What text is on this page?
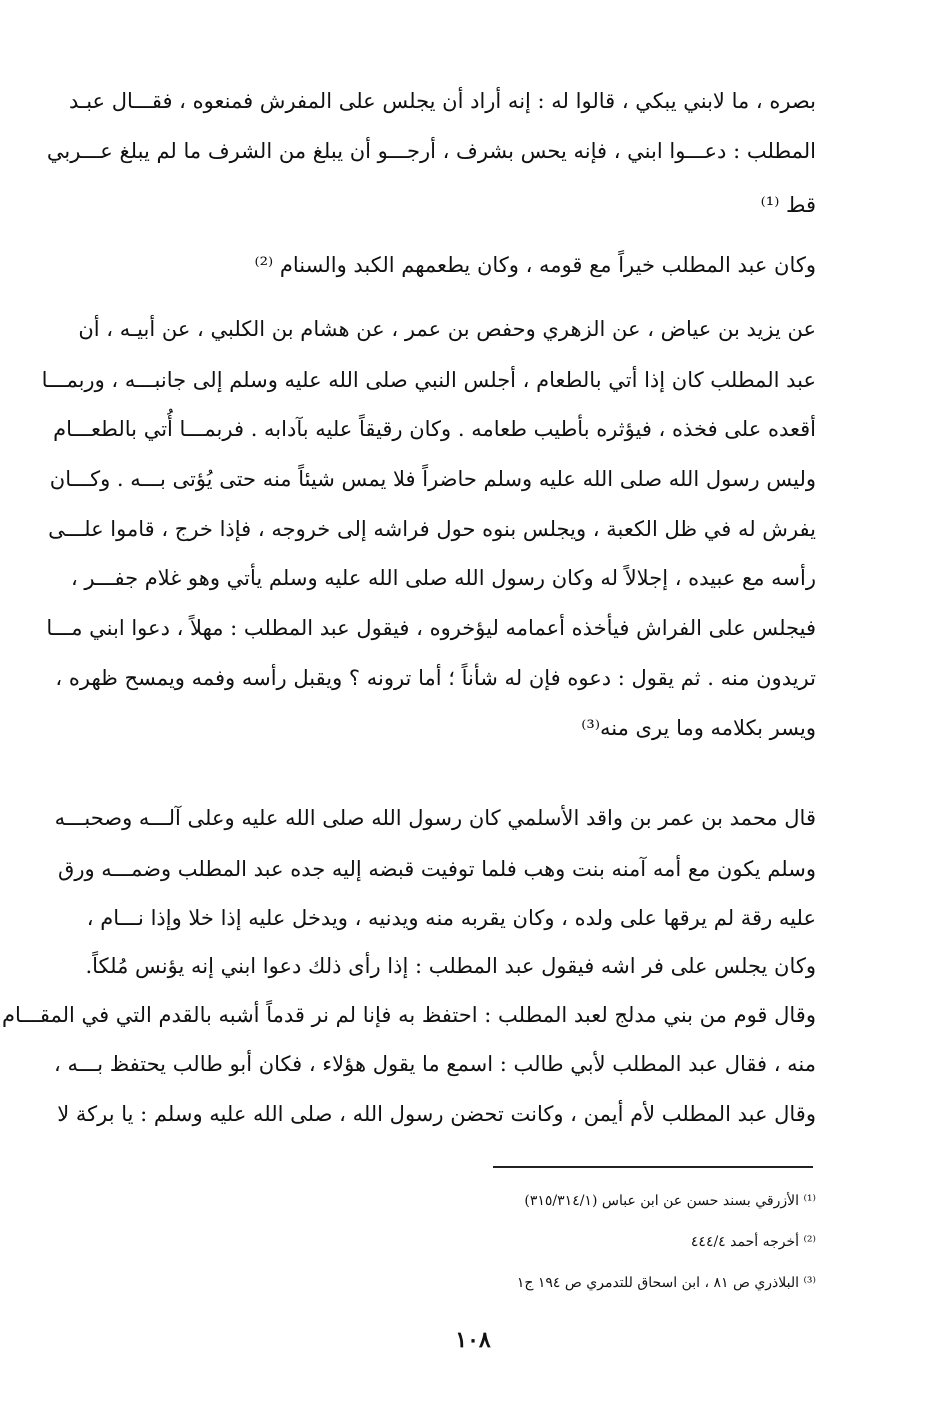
بصره ، ما لابني يبكي ، قالوا له : إنه أراد أن يجلس على المفرش فمنعوه ، فقـــال عبـد
المطلب : دعـــوا ابني ، فإنه يحس بشرف ، أرجـــو أن يبلغ من الشرف ما لم يبلغ عـــربي
قط ⁽¹⁾
وكان عبد المطلب خيراً مع قومه ، وكان يطعمهم الكبد والسنام ⁽²⁾
عن يزيد بن عياض ، عن الزهري وحفص بن عمر ، عن هشام بن الكلبي ، عن أبيـه ، أن
عبد المطلب كان إذا أتي بالطعام ، أجلس النبي صلى الله عليه وسلم إلى جانبـــه ، وربمـــا
أقعده على فخذه ، فيؤثره بأطيب طعامه . وكان رقيقاً عليه بآدابه . فربمـــا أُتي بالطعـــام
وليس رسول الله صلى الله عليه وسلم حاضراً فلا يمس شيئاً منه حتى يُؤتى بـــه . وكـــان
يفرش له في ظل الكعبة ، ويجلس بنوه حول فراشه إلى خروجه ، فإذا خرج ، قاموا علـــى
رأسه مع عبيده ، إجلالاً له وكان رسول الله صلى الله عليه وسلم يأتي وهو غلام جفـــر ،
فيجلس على الفراش فيأخذه أعمامه ليؤخروه ، فيقول عبد المطلب : مهلاً ، دعوا ابني مـــا
تريدون منه . ثم يقول : دعوه فإن له شأناً ؛ أما ترونه ؟ ويقبل رأسه وفمه ويمسح ظهره ،
ويسر بكلامه وما يرى منه⁽³⁾
قال محمد بن عمر بن واقد الأسلمي كان رسول الله صلى الله عليه وعلى آلـــه وصحبـــه
وسلم يكون مع أمه آمنه بنت وهب فلما توفيت قبضه إليه جده عبد المطلب وضمـــه ورق
عليه رقة لم يرقها على ولده ، وكان يقربه منه ويدنيه ، ويدخل عليه إذا خلا وإذا نـــام ،
وكان يجلس على فر اشه فيقول عبد المطلب : إذا رأى ذلك دعوا ابني إنه يؤنس مُلكاً.
وقال قوم من بني مدلج لعبد المطلب : احتفظ به فإنا لم نر قدماً أشبه بالقدم التي في المقـــام
منه ، فقال عبد المطلب لأبي طالب : اسمع ما يقول هؤلاء ، فكان أبو طالب يحتفظ بـــه ،
وقال عبد المطلب لأم أيمن ، وكانت تحضن رسول الله ، صلى الله عليه وسلم : يا بركة لا
⁽¹⁾ الأزرقي بسند حسن عن ابن عباس (٣١٥/٣١٤/١)
⁽²⁾ أخرجه أحمد ٤٤٤/٤
⁽³⁾ البلاذري ص ٨١ ، ابن اسحاق للتدمري ص ١٩٤ ج١
١٠٨
